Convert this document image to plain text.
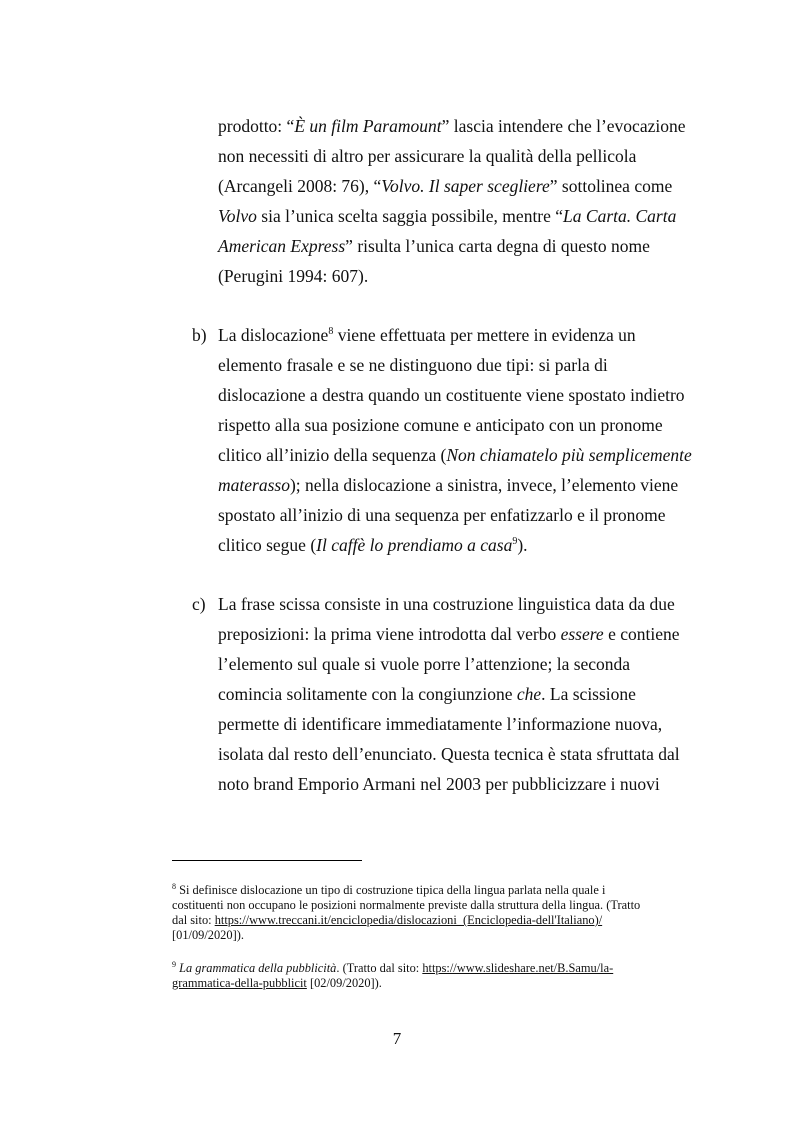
prodotto: “È un film Paramount” lascia intendere che l’evocazione
non necessiti di altro per assicurare la qualità della pellicola
(Arcangeli 2008: 76), “Volvo. Il saper scegliere” sottolinea come
Volvo sia l’unica scelta saggia possibile, mentre “La Carta. Carta
American Express” risulta l’unica carta degna di questo nome
(Perugini 1994: 607).
b) La dislocazione$^8$ viene effettuata per mettere in evidenza un
elemento frasale e se ne distinguono due tipi: si parla di
dislocazione a destra quando un costituente viene spostato indietro
rispetto alla sua posizione comune e anticipato con un pronome
clitico all’inizio della sequenza (Non chiamatelo più semplicemente
materasso); nella dislocazione a sinistra, invece, l’elemento viene
spostato all’inizio di una sequenza per enfatizzarlo e il pronome
clitico segue (Il caffè lo prendiamo a casa$^9$).
c) La frase scissa consiste in una costruzione linguistica data da due
preposizioni: la prima viene introdotta dal verbo essere e contiene
l’elemento sul quale si vuole porre l’attenzione; la seconda
comincia solitamente con la congiunzione che. La scissione
permette di identificare immediatamente l’informazione nuova,
isolata dal resto dell’enunciato. Questa tecnica è stata sfruttata dal
noto brand Emporio Armani nel 2003 per pubblicizzare i nuovi
$^8$ Si definisce dislocazione un tipo di costruzione tipica della lingua parlata nella quale i
costituenti non occupano le posizioni normalmente previste dalla struttura della lingua. (Tratto
dal sito: https://www.treccani.it/enciclopedia/dislocazioni_(Enciclopedia-dell'Italiano)/
[01/09/2020]).
$^9$ La grammatica della pubblicità. (Tratto dal sito: https://www.slideshare.net/B.Samu/la-
grammatica-della-pubblicit [02/09/2020]).
7
